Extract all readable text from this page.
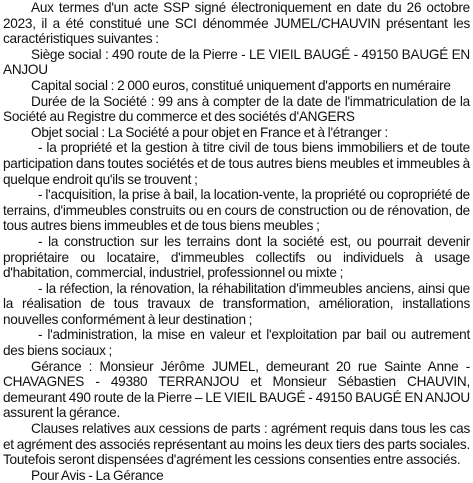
Aux termes d'un acte SSP signé électroniquement en date du 26 octobre 2023, il a été constitué une SCI dénommée JUMEL/CHAUVIN présentant les caractéristiques suivantes :

Siège social : 490 route de la Pierre - LE VIEIL BAUGÉ - 49150 BAUGÉ EN ANJOU

Capital social : 2 000 euros, constitué uniquement d'apports en numéraire

Durée de la Société : 99 ans à compter de la date de l'immatriculation de la Société au Registre du commerce et des sociétés d'ANGERS

Objet social : La Société a pour objet en France et à l'étranger :

- la propriété et la gestion à titre civil de tous biens immobiliers et de toute participation dans toutes sociétés et de tous autres biens meubles et immeubles à quelque endroit qu'ils se trouvent ;

- l'acquisition, la prise à bail, la location-vente, la propriété ou copropriété de terrains, d'immeubles construits ou en cours de construction ou de rénovation, de tous autres biens immeubles et de tous biens meubles ;

- la construction sur les terrains dont la société est, ou pourrait devenir propriétaire ou locataire, d'immeubles collectifs ou individuels à usage d'habitation, commercial, industriel, professionnel ou mixte ;

- la réfection, la rénovation, la réhabilitation d'immeubles anciens, ainsi que la réalisation de tous travaux de transformation, amélioration, installations nouvelles conformément à leur destination ;

- l'administration, la mise en valeur et l'exploitation par bail ou autrement des biens sociaux ;

Gérance : Monsieur Jérôme JUMEL, demeurant 20 rue Sainte Anne - CHAVAGNES - 49380 TERRANJOU et Monsieur Sébastien CHAUVIN, demeurant 490 route de la Pierre – LE VIEIL BAUGÉ - 49150 BAUGÉ EN ANJOU assurent la gérance.

Clauses relatives aux cessions de parts : agrément requis dans tous les cas et agrément des associés représentant au moins les deux tiers des parts sociales. Toutefois seront dispensées d'agrément les cessions consenties entre associés.

Pour Avis - La Gérance
